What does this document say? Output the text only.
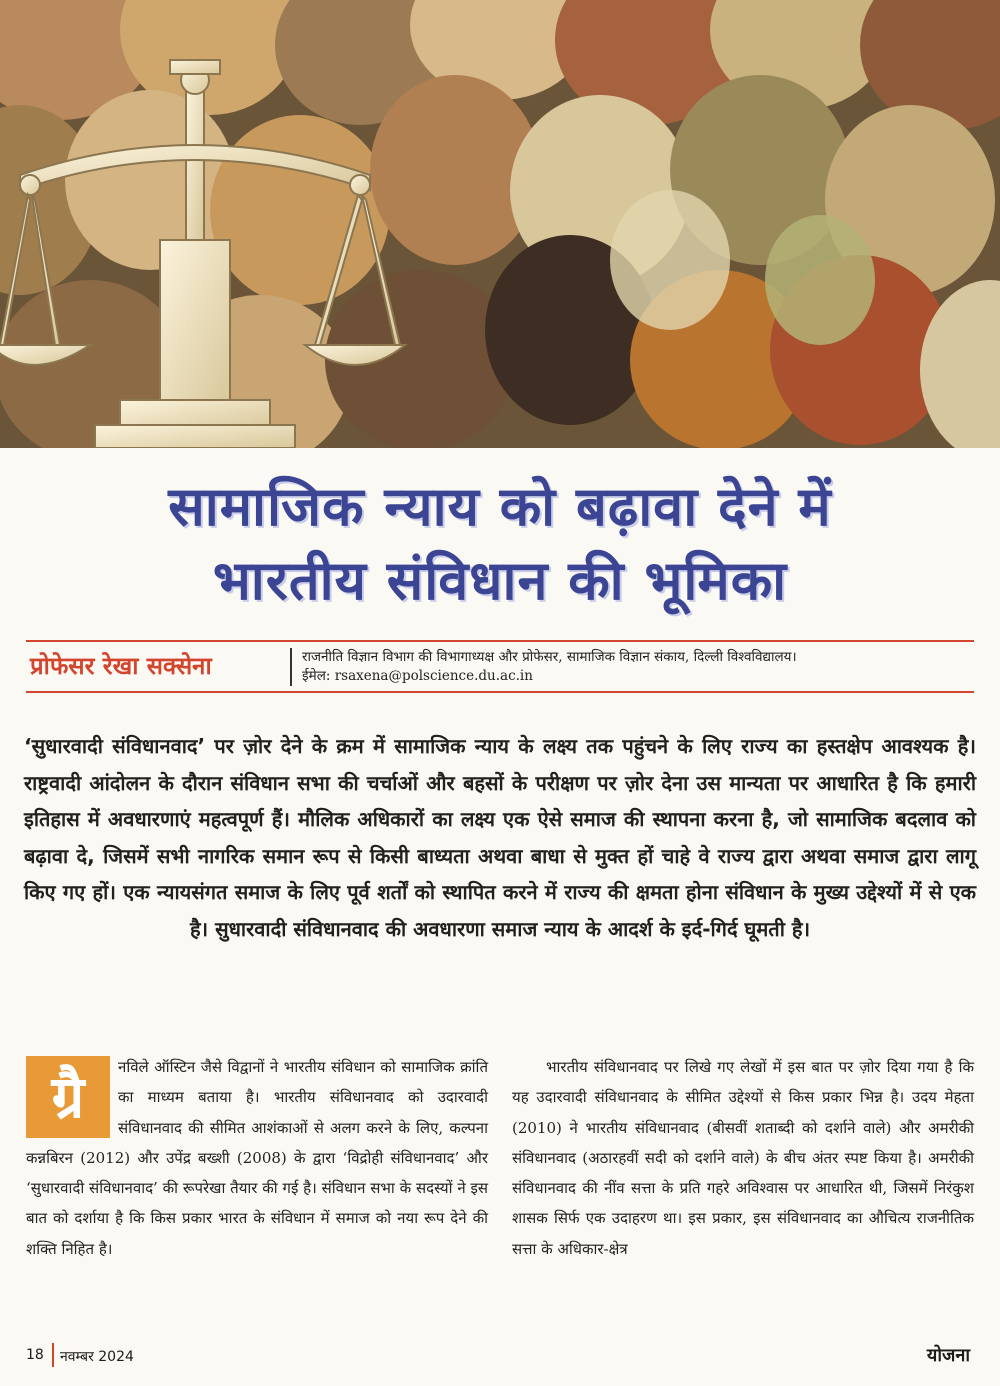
सामाजिक न्याय को बढ़ावा देने में
भारतीय संविधान की भूमिका
प्रोफेसर रेखा सक्सेना	राजनीति विज्ञान विभाग की विभागाध्यक्ष और प्रोफेसर, सामाजिक विज्ञान संकाय, दिल्ली विश्वविद्यालय।
ईमेल: rsaxena@polscience.du.ac.in
‘सुधारवादी संविधानवाद’ पर ज़ोर देने के क्रम में सामाजिक न्याय के लक्ष्य तक पहुंचने के लिए राज्य का हस्तक्षेप आवश्यक है। राष्ट्रवादी आंदोलन के दौरान संविधान सभा की चर्चाओं और बहसों के परीक्षण पर ज़ोर देना उस मान्यता पर आधारित है कि हमारी इतिहास में अवधारणाएं महत्वपूर्ण हैं। मौलिक अधिकारों का लक्ष्य एक ऐसे समाज की स्थापना करना है, जो सामाजिक बदलाव को बढ़ावा दे, जिसमें सभी नागरिक समान रूप से किसी बाध्यता अथवा बाधा से मुक्त हों चाहे वे राज्य द्वारा अथवा समाज द्वारा लागू किए गए हों। एक न्यायसंगत समाज के लिए पूर्व शर्तों को स्थापित करने में राज्य की क्षमता होना संविधान के मुख्य उद्देश्यों में से एक है। सुधारवादी संविधानवाद की अवधारणा समाज न्याय के आदर्श के इर्द-गिर्द घूमती है।
ग्रै	नविले ऑस्टिन जैसे विद्वानों ने भारतीय संविधान को सामाजिक क्रांति का माध्यम बताया है। भारतीय संविधानवाद को उदारवादी संविधानवाद की सीमित आशंकाओं से अलग करने के लिए, कल्पना कन्नबिरन (2012) और उपेंद्र बख्शी (2008) के द्वारा ‘विद्रोही संविधानवाद’ और ‘सुधारवादी संविधानवाद’ की रूपरेखा तैयार की गई है। संविधान सभा के सदस्यों ने इस बात को दर्शाया है कि किस प्रकार भारत के संविधान में समाज को नया रूप देने की शक्ति निहित है।
भारतीय संविधानवाद पर लिखे गए लेखों में इस बात पर ज़ोर दिया गया है कि यह उदारवादी संविधानवाद के सीमित उद्देश्यों से किस प्रकार भिन्न है। उदय मेहता (2010) ने भारतीय संविधानवाद (बीसवीं शताब्दी को दर्शाने वाले) और अमरीकी संविधानवाद (अठारहवीं सदी को दर्शाने वाले) के बीच अंतर स्पष्ट किया है। अमरीकी संविधानवाद की नींव सत्ता के प्रति गहरे अविश्वास पर आधारित थी, जिसमें निरंकुश शासक सिर्फ एक उदाहरण था। इस प्रकार, इस संविधानवाद का औचित्य राजनीतिक सत्ता के अधिकार-क्षेत्र
18 नवम्बर 2024	योजना
